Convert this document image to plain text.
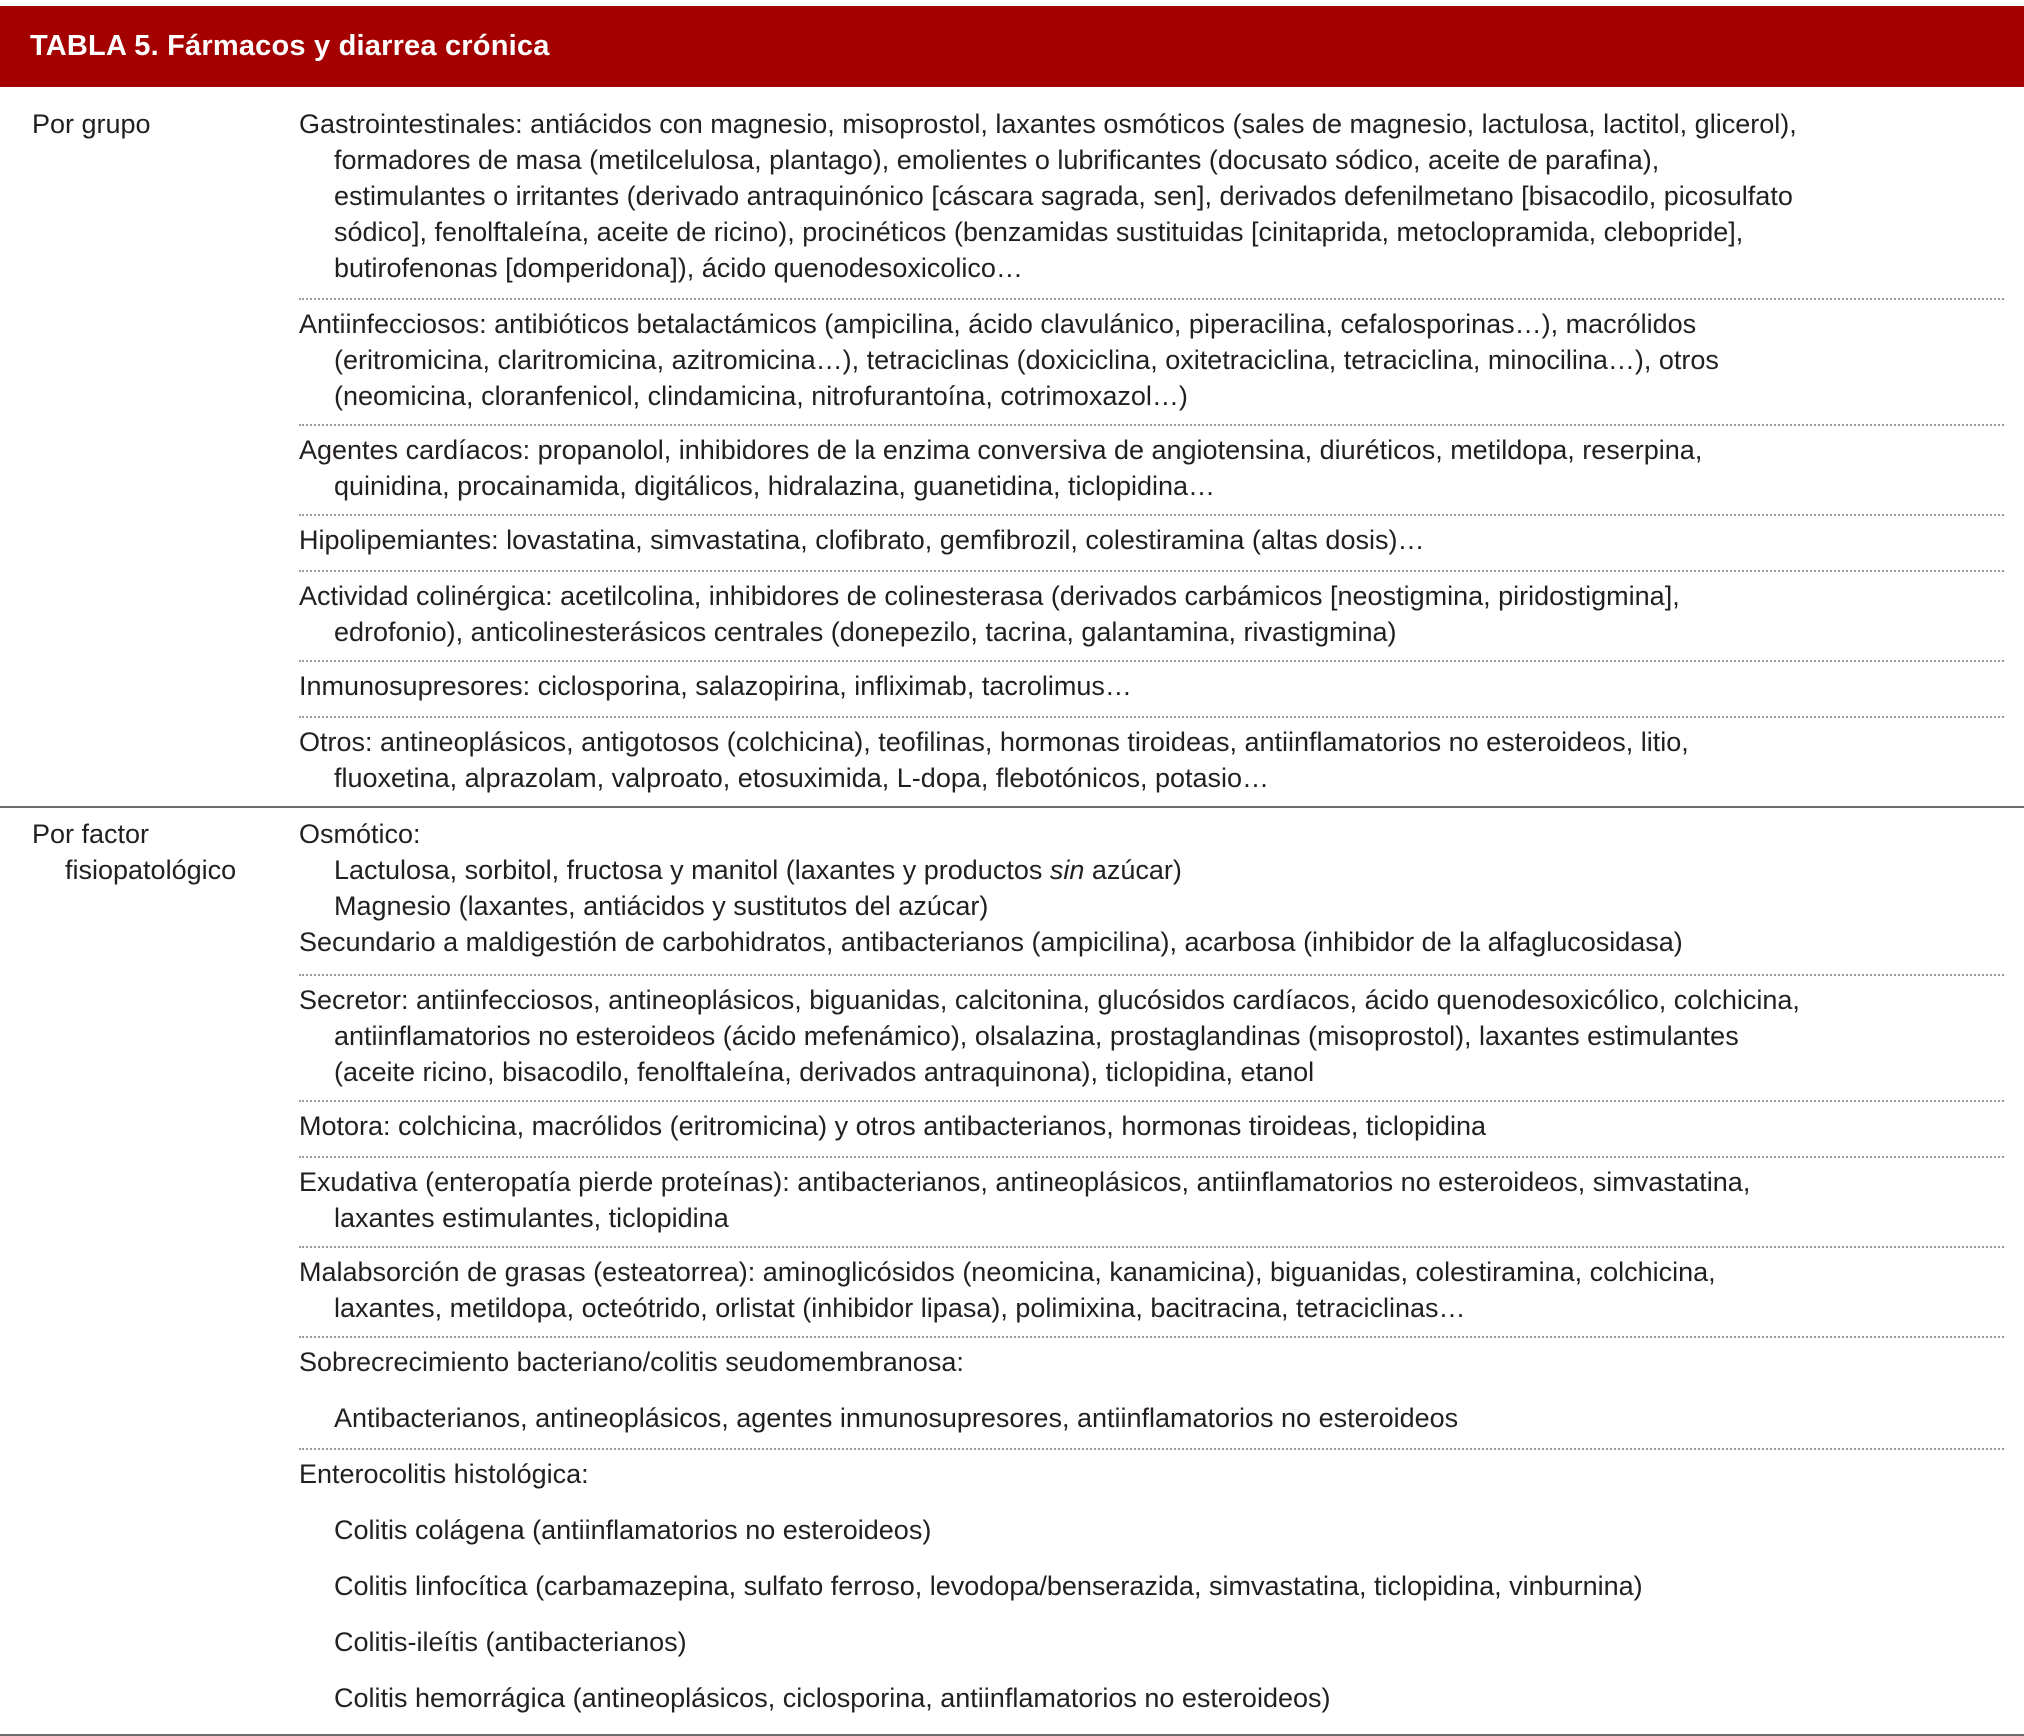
TABLA 5. Fármacos y diarrea crónica
Por grupo	Gastrointestinales: antiácidos con magnesio, misoprostol, laxantes osmóticos (sales de magnesio, lactulosa, lactitol, glicerol),
formadores de masa (metilcelulosa, plantago), emolientes o lubrificantes (docusato sódico, aceite de parafina),
estimulantes o irritantes (derivado antraquinónico [cáscara sagrada, sen], derivados defenilmetano [bisacodilo, picosulfato
sódico], fenolftaleína, aceite de ricino), procinéticos (benzamidas sustituidas [cinitaprida, metoclopramida, clebopride],
butirofenonas [domperidona]), ácido quenodesoxicolico…
Antiinfecciosos: antibióticos betalactámicos (ampicilina, ácido clavulánico, piperacilina, cefalosporinas…), macrólidos
(eritromicina, claritromicina, azitromicina…), tetraciclinas (doxiciclina, oxitetraciclina, tetraciclina, minocilina…), otros
(neomicina, cloranfenicol, clindamicina, nitrofurantoína, cotrimoxazol…)
Agentes cardíacos: propanolol, inhibidores de la enzima conversiva de angiotensina, diuréticos, metildopa, reserpina,
quinidina, procainamida, digitálicos, hidralazina, guanetidina, ticlopidina…
Hipolipemiantes: lovastatina, simvastatina, clofibrato, gemfibrozil, colestiramina (altas dosis)…
Actividad colinérgica: acetilcolina, inhibidores de colinesterasa (derivados carbámicos [neostigmina, piridostigmina],
edrofonio), anticolinesterásicos centrales (donepezilo, tacrina, galantamina, rivastigmina)
Inmunosupresores: ciclosporina, salazopirina, infliximab, tacrolimus…
Otros: antineoplásicos, antigotosos (colchicina), teofilinas, hormonas tiroideas, antiinflamatorios no esteroideos, litio,
fluoxetina, alprazolam, valproato, etosuximida, L-dopa, flebotónicos, potasio…
Por factor
fisiopatológico
Osmótico:
Lactulosa, sorbitol, fructosa y manitol (laxantes y productos sin azúcar)
Magnesio (laxantes, antiácidos y sustitutos del azúcar)
Secundario a maldigestión de carbohidratos, antibacterianos (ampicilina), acarbosa (inhibidor de la alfaglucosidasa)
Secretor: antiinfecciosos, antineoplásicos, biguanidas, calcitonina, glucósidos cardíacos, ácido quenodesoxicólico, colchicina,
antiinflamatorios no esteroideos (ácido mefenámico), olsalazina, prostaglandinas (misoprostol), laxantes estimulantes
(aceite ricino, bisacodilo, fenolftaleína, derivados antraquinona), ticlopidina, etanol
Motora: colchicina, macrólidos (eritromicina) y otros antibacterianos, hormonas tiroideas, ticlopidina
Exudativa (enteropatía pierde proteínas): antibacterianos, antineoplásicos, antiinflamatorios no esteroideos, simvastatina,
laxantes estimulantes, ticlopidina
Malabsorción de grasas (esteatorrea): aminoglicósidos (neomicina, kanamicina), biguanidas, colestiramina, colchicina,
laxantes, metildopa, octeótrido, orlistat (inhibidor lipasa), polimixina, bacitracina, tetraciclinas…
Sobrecrecimiento bacteriano/colitis seudomembranosa:
Antibacterianos, antineoplásicos, agentes inmunosupresores, antiinflamatorios no esteroideos
Enterocolitis histológica:
Colitis colágena (antiinflamatorios no esteroideos)
Colitis linfocítica (carbamazepina, sulfato ferroso, levodopa/benserazida, simvastatina, ticlopidina, vinburnina)
Colitis-ileítis (antibacterianos)
Colitis hemorrágica (antineoplásicos, ciclosporina, antiinflamatorios no esteroideos)
